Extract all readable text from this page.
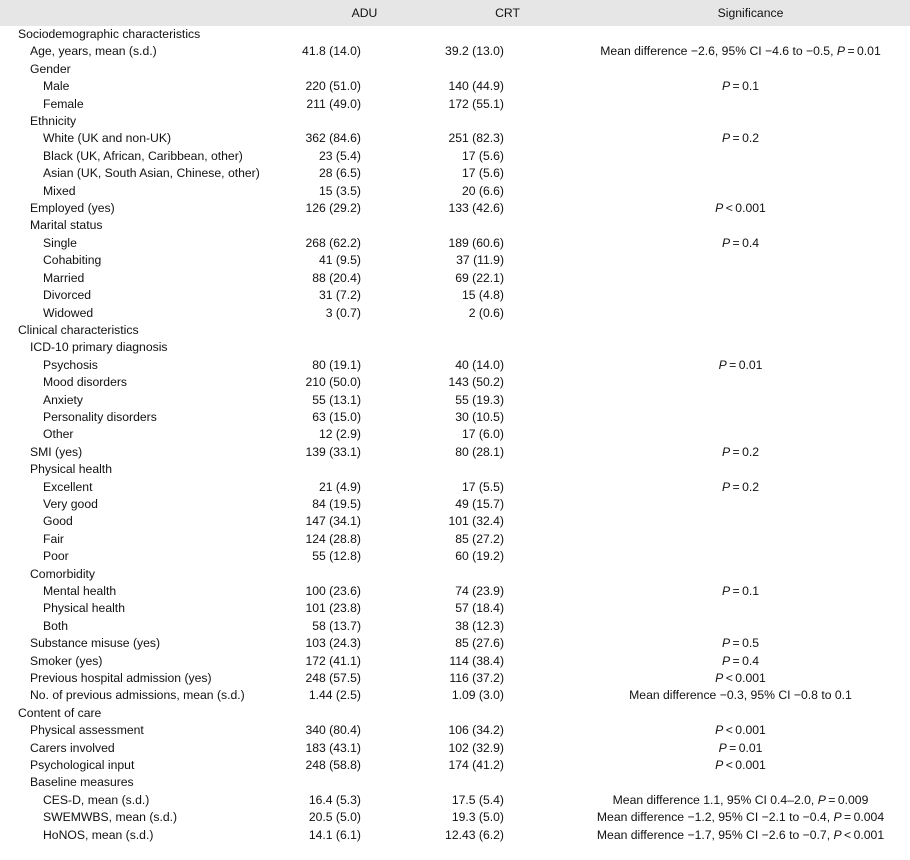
	ADU	CRT	Significance
Sociodemographic characteristics			
Age, years, mean (s.d.)	41.8 (14.0)	39.2 (13.0)	Mean difference −2.6, 95% CI −4.6 to −0.5, P = 0.01
Gender			
Male	220 (51.0)	140 (44.9)	P = 0.1
Female	211 (49.0)	172 (55.1)	
Ethnicity			
White (UK and non-UK)	362 (84.6)	251 (82.3)	P = 0.2
Black (UK, African, Caribbean, other)	23 (5.4)	17 (5.6)	
Asian (UK, South Asian, Chinese, other)	28 (6.5)	17 (5.6)	
Mixed	15 (3.5)	20 (6.6)	
Employed (yes)	126 (29.2)	133 (42.6)	P < 0.001
Marital status			
Single	268 (62.2)	189 (60.6)	P = 0.4
Cohabiting	41 (9.5)	37 (11.9)	
Married	88 (20.4)	69 (22.1)	
Divorced	31 (7.2)	15 (4.8)	
Widowed	3 (0.7)	2 (0.6)	
Clinical characteristics			
ICD-10 primary diagnosis			
Psychosis	80 (19.1)	40 (14.0)	P = 0.01
Mood disorders	210 (50.0)	143 (50.2)	
Anxiety	55 (13.1)	55 (19.3)	
Personality disorders	63 (15.0)	30 (10.5)	
Other	12 (2.9)	17 (6.0)	
SMI (yes)	139 (33.1)	80 (28.1)	P = 0.2
Physical health			
Excellent	21 (4.9)	17 (5.5)	P = 0.2
Very good	84 (19.5)	49 (15.7)	
Good	147 (34.1)	101 (32.4)	
Fair	124 (28.8)	85 (27.2)	
Poor	55 (12.8)	60 (19.2)	
Comorbidity			
Mental health	100 (23.6)	74 (23.9)	P = 0.1
Physical health	101 (23.8)	57 (18.4)	
Both	58 (13.7)	38 (12.3)	
Substance misuse (yes)	103 (24.3)	85 (27.6)	P = 0.5
Smoker (yes)	172 (41.1)	114 (38.4)	P = 0.4
Previous hospital admission (yes)	248 (57.5)	116 (37.2)	P < 0.001
No. of previous admissions, mean (s.d.)	1.44 (2.5)	1.09 (3.0)	Mean difference −0.3, 95% CI −0.8 to 0.1
Content of care			
Physical assessment	340 (80.4)	106 (34.2)	P < 0.001
Carers involved	183 (43.1)	102 (32.9)	P = 0.01
Psychological input	248 (58.8)	174 (41.2)	P < 0.001
Baseline measures			
CES-D, mean (s.d.)	16.4 (5.3)	17.5 (5.4)	Mean difference 1.1, 95% CI 0.4–2.0, P = 0.009
SWEMWBS, mean (s.d.)	20.5 (5.0)	19.3 (5.0)	Mean difference −1.2, 95% CI −2.1 to −0.4, P = 0.004
HoNOS, mean (s.d.)	14.1 (6.1)	12.43 (6.2)	Mean difference −1.7, 95% CI −2.6 to −0.7, P < 0.001
